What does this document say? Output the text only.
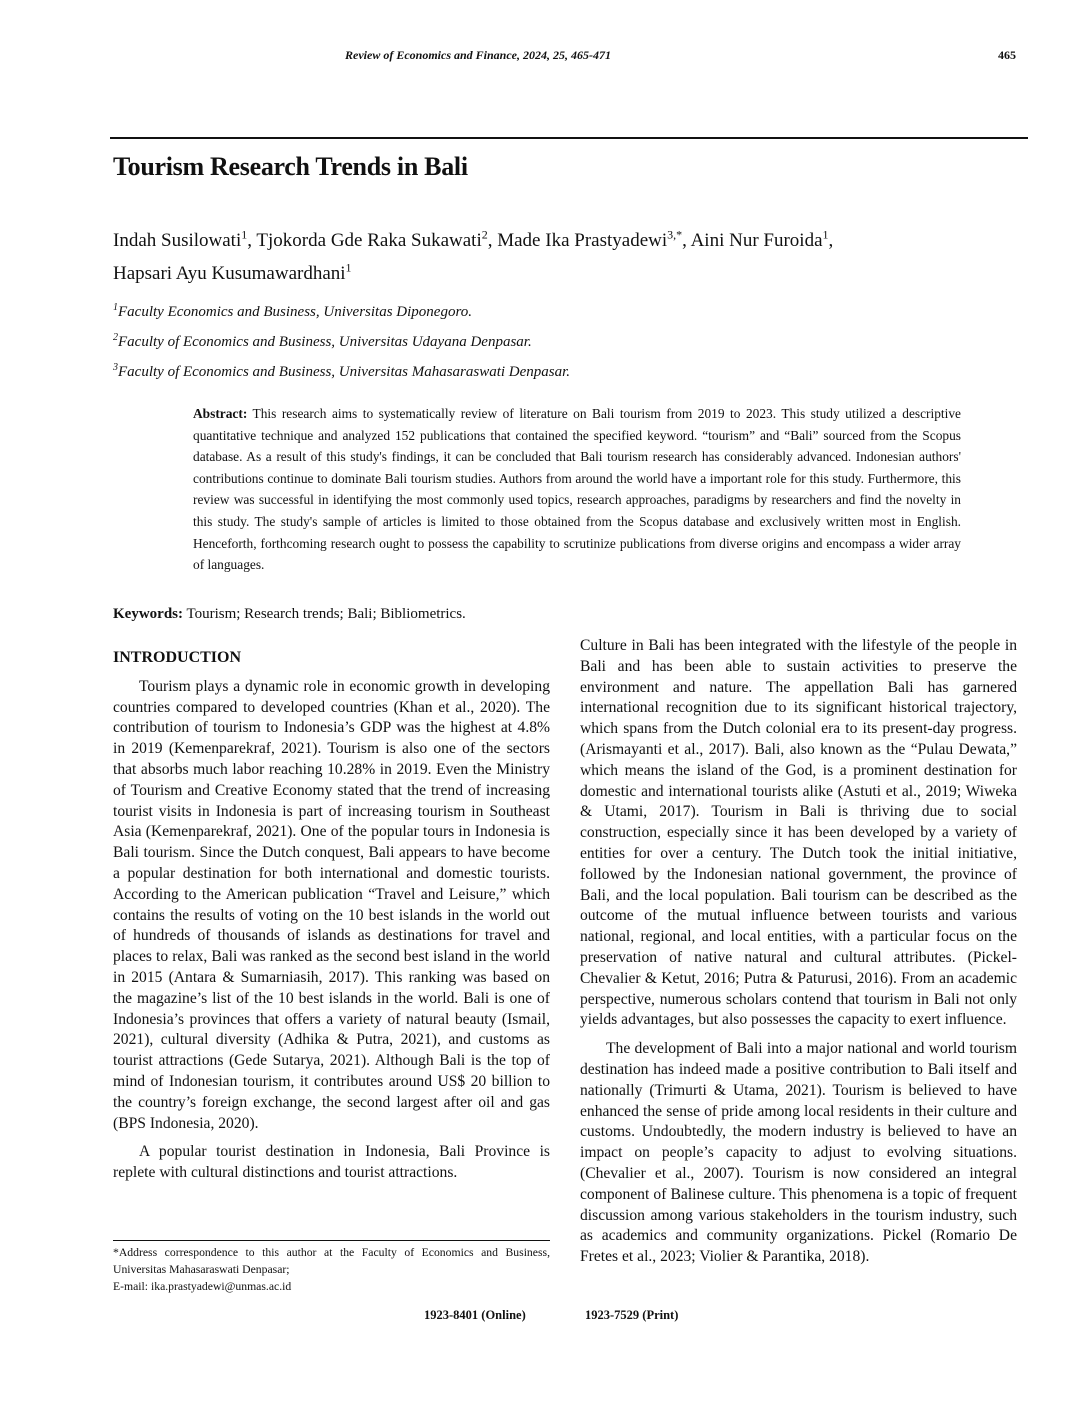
Review of Economics and Finance, 2024, 25, 465-471	465
Tourism Research Trends in Bali
Indah Susilowati$^1$, Tjokorda Gde Raka Sukawati$^2$, Made Ika Prastyadewi$^{3,*}$, Aini Nur Furoida$^1$,
Hapsari Ayu Kusumawardhani$^1$
$^1$Faculty Economics and Business, Universitas Diponegoro.
$^2$Faculty of Economics and Business, Universitas Udayana Denpasar.
$^3$Faculty of Economics and Business, Universitas Mahasaraswati Denpasar.
Abstract: This research aims to systematically review of literature on Bali tourism from 2019 to 2023. This study utilized a descriptive quantitative technique and analyzed 152 publications that contained the specified keyword. “tourism” and “Bali” sourced from the Scopus database. As a result of this study's findings, it can be concluded that Bali tourism research has considerably advanced. Indonesian authors' contributions continue to dominate Bali tourism studies. Authors from around the world have a important role for this study. Furthermore, this review was successful in identifying the most commonly used topics, research approaches, paradigms by researchers and find the novelty in this study. The study's sample of articles is limited to those obtained from the Scopus database and exclusively written most in English. Henceforth, forthcoming research ought to possess the capability to scrutinize publications from diverse origins and encompass a wider array of languages.
Keywords: Tourism; Research trends; Bali; Bibliometrics.
INTRODUCTION

Tourism plays a dynamic role in economic growth in developing countries compared to developed countries (Khan et al., 2020). The contribution of tourism to Indonesia’s GDP was the highest at 4.8% in 2019 (Kemenparekraf, 2021). Tourism is also one of the sectors that absorbs much labor reaching 10.28% in 2019. Even the Ministry of Tourism and Creative Economy stated that the trend of increasing tourist visits in Indonesia is part of increasing tourism in Southeast Asia (Kemenparekraf, 2021). One of the popular tours in Indonesia is Bali tourism. Since the Dutch conquest, Bali appears to have become a popular destination for both international and domestic tourists. According to the American publication “Travel and Leisure,” which contains the results of voting on the 10 best islands in the world out of hundreds of thousands of islands as destinations for travel and places to relax, Bali was ranked as the second best island in the world in 2015 (Antara & Sumarniasih, 2017). This ranking was based on the magazine’s list of the 10 best islands in the world. Bali is one of Indonesia’s provinces that offers a variety of natural beauty (Ismail, 2021), cultural diversity (Adhika & Putra, 2021), and customs as tourist attractions (Gede Sutarya, 2021). Although Bali is the top of mind of Indonesian tourism, it contributes around US$ 20 billion to the country’s foreign exchange, the second largest after oil and gas (BPS Indonesia, 2020).

A popular tourist destination in Indonesia, Bali Province is replete with cultural distinctions and tourist attractions.

Culture in Bali has been integrated with the lifestyle of the people in Bali and has been able to sustain activities to preserve the environment and nature. The appellation Bali has garnered international recognition due to its significant historical trajectory, which spans from the Dutch colonial era to its present-day progress. (Arismayanti et al., 2017). Bali, also known as the “Pulau Dewata,” which means the island of the God, is a prominent destination for domestic and international tourists alike (Astuti et al., 2019; Wiweka & Utami, 2017). Tourism in Bali is thriving due to social construction, especially since it has been developed by a variety of entities for over a century. The Dutch took the initial initiative, followed by the Indonesian national government, the province of Bali, and the local population. Bali tourism can be described as the outcome of the mutual influence between tourists and various national, regional, and local entities, with a particular focus on the preservation of native natural and cultural attributes. (Pickel-Chevalier & Ketut, 2016; Putra & Paturusi, 2016). From an academic perspective, numerous scholars contend that tourism in Bali not only yields advantages, but also possesses the capacity to exert influence.

The development of Bali into a major national and world tourism destination has indeed made a positive contribution to Bali itself and nationally (Trimurti & Utama, 2021). Tourism is believed to have enhanced the sense of pride among local residents in their culture and customs. Undoubtedly, the modern industry is believed to have an impact on people’s capacity to adjust to evolving situations. (Chevalier et al., 2007). Tourism is now considered an integral component of Balinese culture. This phenomena is a topic of frequent discussion among various stakeholders in the tourism industry, such as academics and community organizations. Pickel (Romario De Fretes et al., 2023; Violier & Parantika, 2018).

*Address correspondence to this author at the Faculty of Economics and Business, Universitas Mahasaraswati Denpasar;
E-mail: ika.prastyadewi@unmas.ac.id
1923-8401 (Online)	1923-7529 (Print)
